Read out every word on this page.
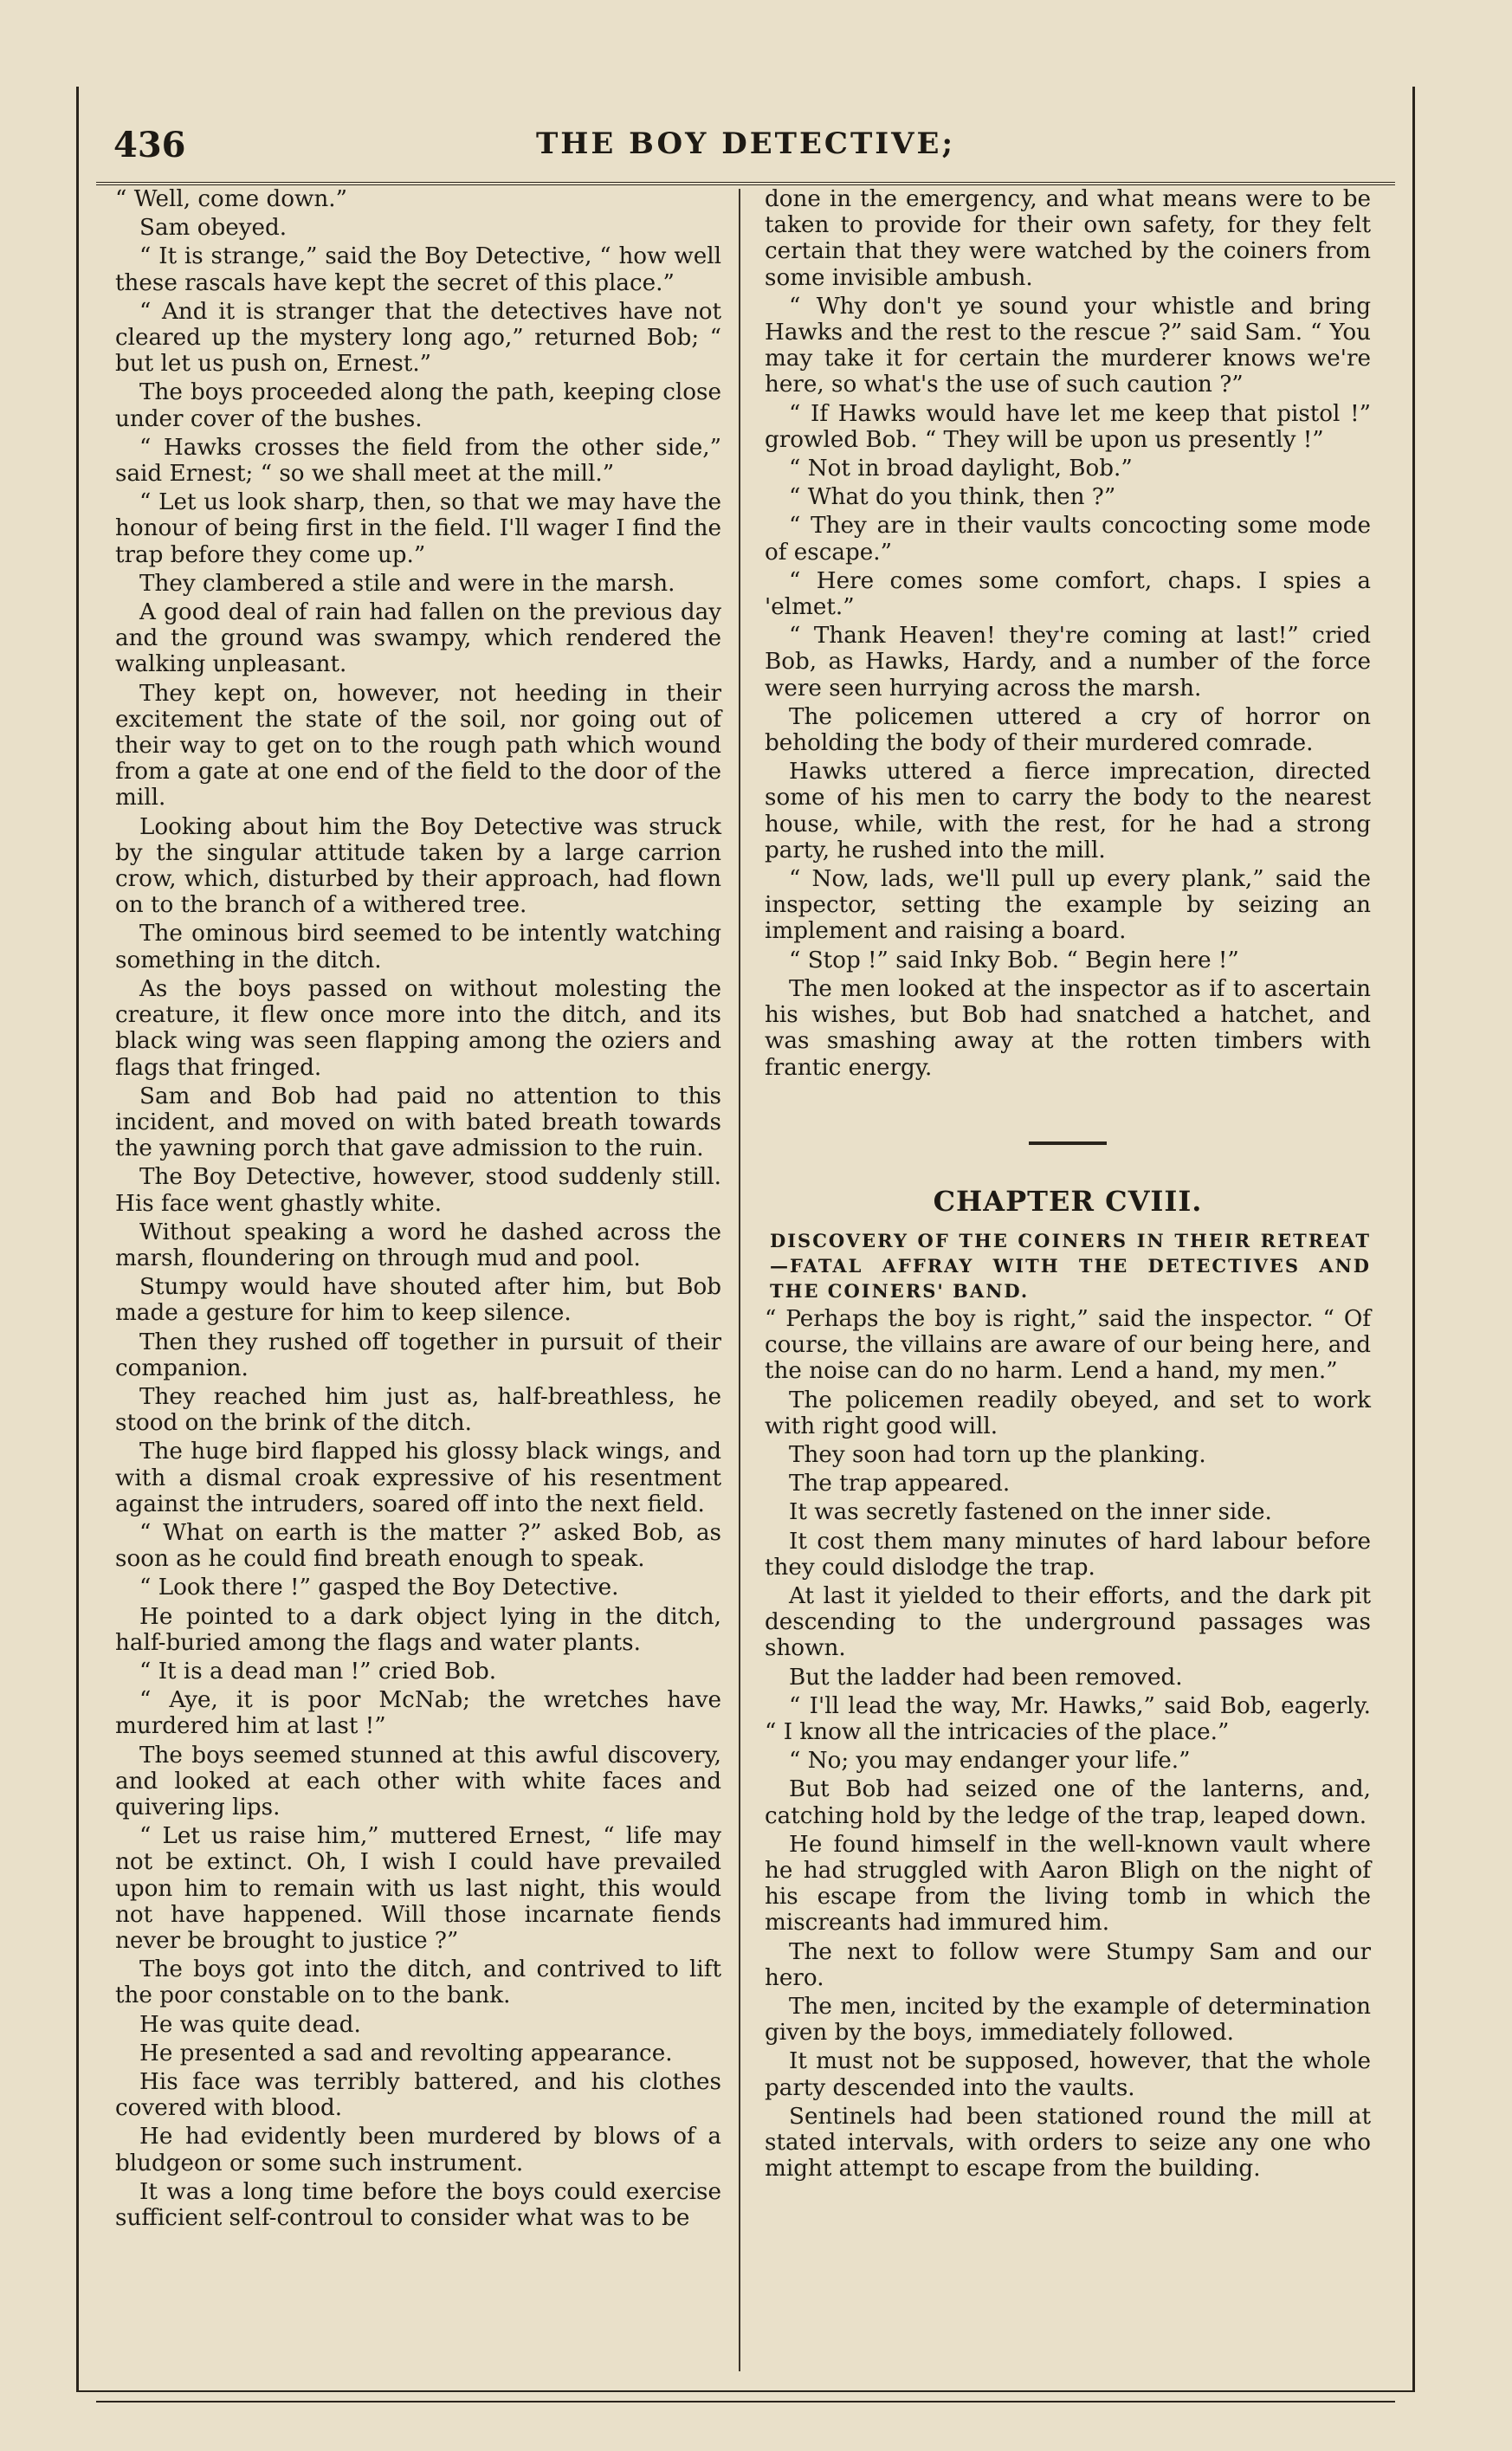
436	THE BOY DETECTIVE;

“ Well, come down.”

Sam obeyed.

“ It is strange,” said the Boy Detective, “ how well these rascals have kept the secret of this place.”

“ And it is stranger that the detectives have not cleared up the mystery long ago,” returned Bob; “ but let us push on, Ernest.”

The boys proceeded along the path, keeping close under cover of the bushes.

“ Hawks crosses the field from the other side,” said Ernest; “ so we shall meet at the mill.”

“ Let us look sharp, then, so that we may have the honour of being first in the field. I'll wager I find the trap before they come up.”

They clambered a stile and were in the marsh.

A good deal of rain had fallen on the previous day and the ground was swampy, which rendered the walking unpleasant.

They kept on, however, not heeding in their excitement the state of the soil, nor going out of their way to get on to the rough path which wound from a gate at one end of the field to the door of the mill.

Looking about him the Boy Detective was struck by the singular attitude taken by a large carrion crow, which, disturbed by their approach, had flown on to the branch of a withered tree.

The ominous bird seemed to be intently watching something in the ditch.

As the boys passed on without molesting the creature, it flew once more into the ditch, and its black wing was seen flapping among the oziers and flags that fringed.

Sam and Bob had paid no attention to this incident, and moved on with bated breath towards the yawning porch that gave admission to the ruin.

The Boy Detective, however, stood suddenly still. His face went ghastly white.

Without speaking a word he dashed across the marsh, floundering on through mud and pool.

Stumpy would have shouted after him, but Bob made a gesture for him to keep silence.

Then they rushed off together in pursuit of their companion.

They reached him just as, half-breathless, he stood on the brink of the ditch.

The huge bird flapped his glossy black wings, and with a dismal croak expressive of his resentment against the intruders, soared off into the next field.

“ What on earth is the matter ?” asked Bob, as soon as he could find breath enough to speak.

“ Look there !” gasped the Boy Detective.

He pointed to a dark object lying in the ditch, half-buried among the flags and water plants.

“ It is a dead man !” cried Bob.

“ Aye, it is poor McNab; the wretches have murdered him at last !”

The boys seemed stunned at this awful discovery, and looked at each other with white faces and quivering lips.

“ Let us raise him,” muttered Ernest, “ life may not be extinct. Oh, I wish I could have prevailed upon him to remain with us last night, this would not have happened. Will those incarnate fiends never be brought to justice ?”

The boys got into the ditch, and contrived to lift the poor constable on to the bank.

He was quite dead.

He presented a sad and revolting appearance.

His face was terribly battered, and his clothes covered with blood.

He had evidently been murdered by blows of a bludgeon or some such instrument.

It was a long time before the boys could exercise sufficient self-controul to consider what was to be

done in the emergency, and what means were to be taken to provide for their own safety, for they felt certain that they were watched by the coiners from some invisible ambush.

“ Why don't ye sound your whistle and bring Hawks and the rest to the rescue ?” said Sam. “ You may take it for certain the murderer knows we're here, so what's the use of such caution ?”

“ If Hawks would have let me keep that pistol !” growled Bob. “ They will be upon us presently !”

“ Not in broad daylight, Bob.”

“ What do you think, then ?”

“ They are in their vaults concocting some mode of escape.”

“ Here comes some comfort, chaps. I spies a 'elmet.”

“ Thank Heaven! they're coming at last!” cried Bob, as Hawks, Hardy, and a number of the force were seen hurrying across the marsh.

The policemen uttered a cry of horror on beholding the body of their murdered comrade.

Hawks uttered a fierce imprecation, directed some of his men to carry the body to the nearest house, while, with the rest, for he had a strong party, he rushed into the mill.

“ Now, lads, we'll pull up every plank,” said the inspector, setting the example by seizing an implement and raising a board.

“ Stop !” said Inky Bob. “ Begin here !”

The men looked at the inspector as if to ascertain his wishes, but Bob had snatched a hatchet, and was smashing away at the rotten timbers with frantic energy.

CHAPTER CVIII.

DISCOVERY OF THE COINERS IN THEIR RETREAT—FATAL AFFRAY WITH THE DETECTIVES AND THE COINERS' BAND.

“ Perhaps the boy is right,” said the inspector. “ Of course, the villains are aware of our being here, and the noise can do no harm. Lend a hand, my men.”

The policemen readily obeyed, and set to work with right good will.

They soon had torn up the planking.

The trap appeared.

It was secretly fastened on the inner side.

It cost them many minutes of hard labour before they could dislodge the trap.

At last it yielded to their efforts, and the dark pit descending to the underground passages was shown.

But the ladder had been removed.

“ I'll lead the way, Mr. Hawks,” said Bob, eagerly. “ I know all the intricacies of the place.”

“ No; you may endanger your life.”

But Bob had seized one of the lanterns, and, catching hold by the ledge of the trap, leaped down.

He found himself in the well-known vault where he had struggled with Aaron Bligh on the night of his escape from the living tomb in which the miscreants had immured him.

The next to follow were Stumpy Sam and our hero.

The men, incited by the example of determination given by the boys, immediately followed.

It must not be supposed, however, that the whole party descended into the vaults.

Sentinels had been stationed round the mill at stated intervals, with orders to seize any one who might attempt to escape from the building.
